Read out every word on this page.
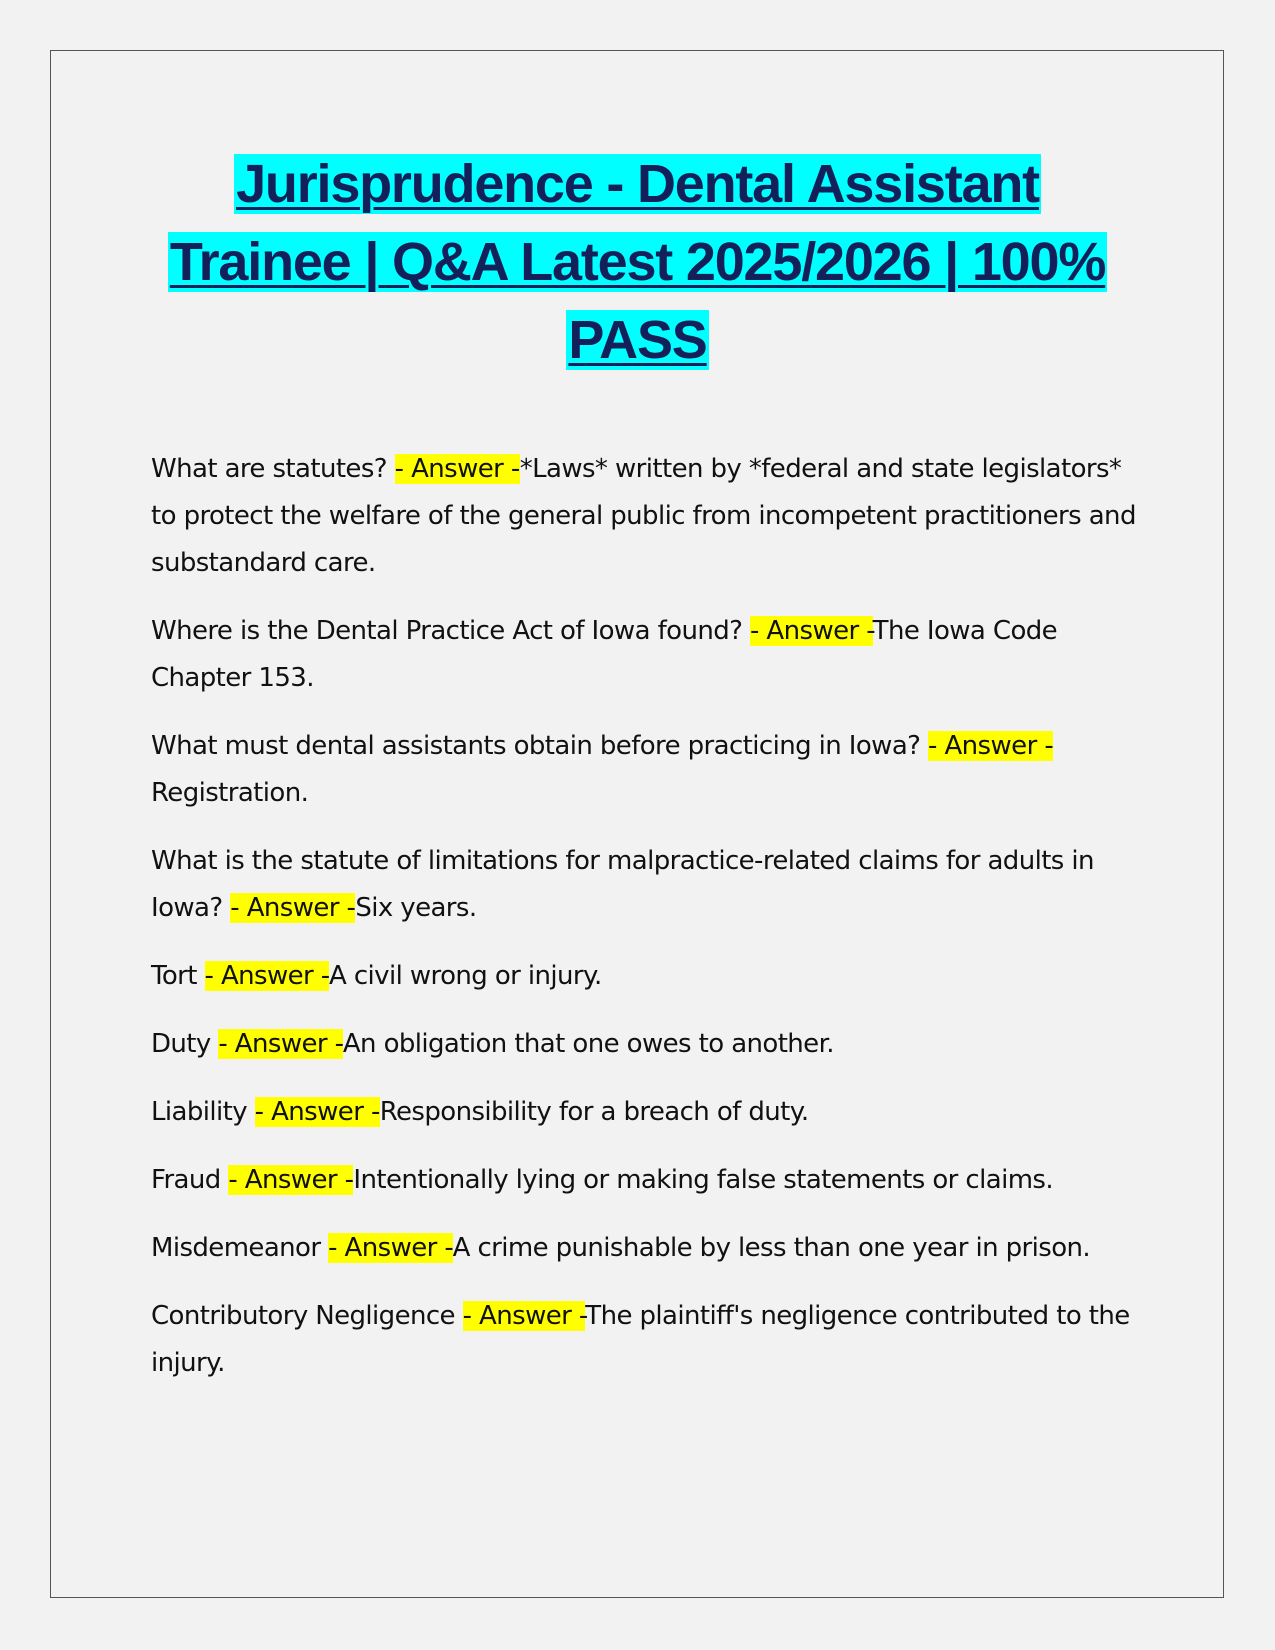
Jurisprudence - Dental Assistant Trainee | Q&A Latest 2025/2026 | 100% PASS

What are statutes? - Answer -*Laws* written by *federal and state legislators* to protect the welfare of the general public from incompetent practitioners and substandard care.

Where is the Dental Practice Act of Iowa found? - Answer -The Iowa Code Chapter 153.

What must dental assistants obtain before practicing in Iowa? - Answer -Registration.

What is the statute of limitations for malpractice-related claims for adults in Iowa? - Answer -Six years.

Tort - Answer -A civil wrong or injury.

Duty - Answer -An obligation that one owes to another.

Liability - Answer -Responsibility for a breach of duty.

Fraud - Answer -Intentionally lying or making false statements or claims.

Misdemeanor - Answer -A crime punishable by less than one year in prison.

Contributory Negligence - Answer -The plaintiff's negligence contributed to the injury.
